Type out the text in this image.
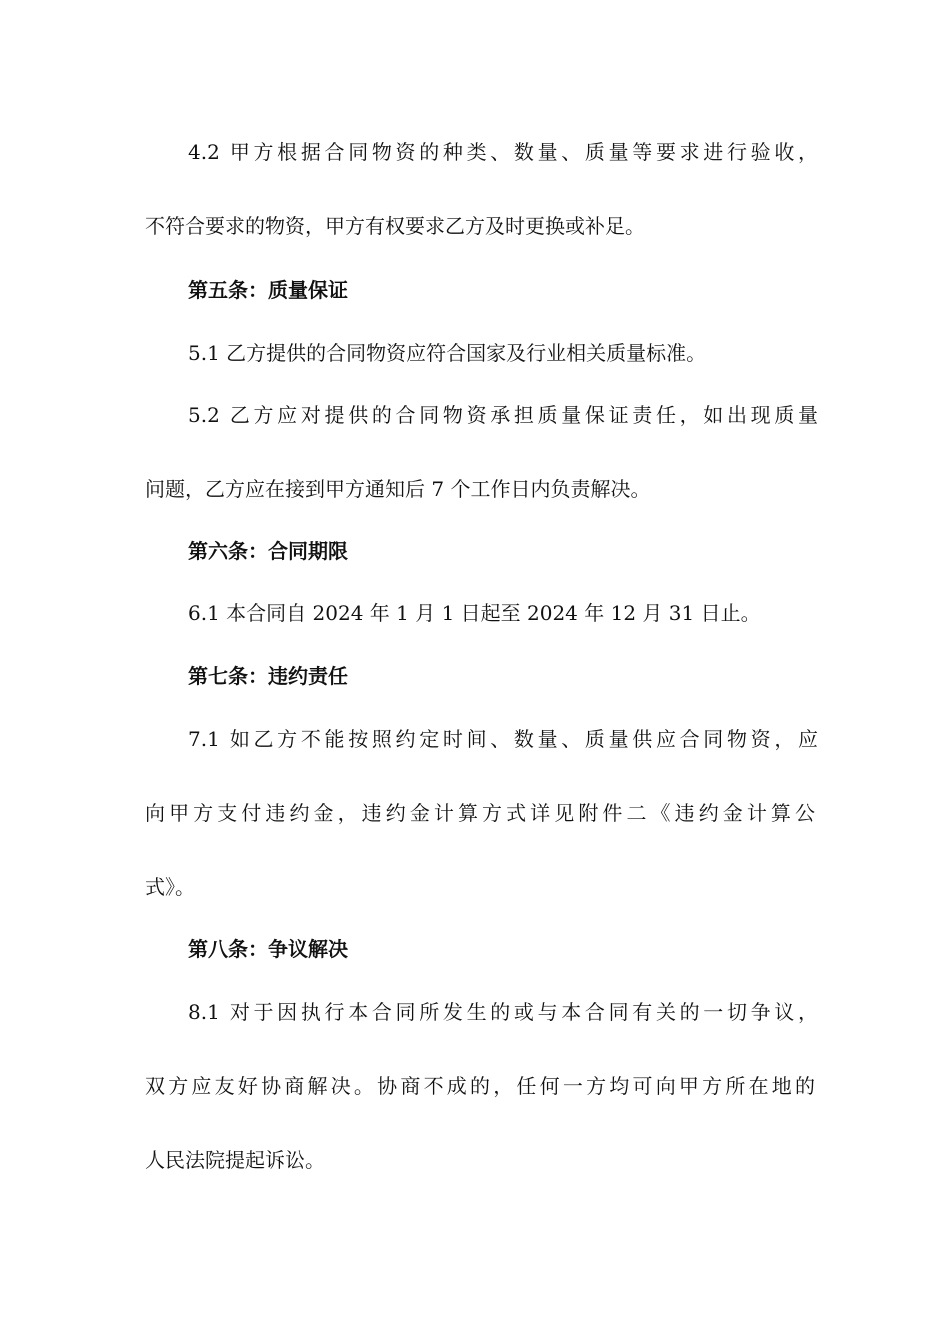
4.2 甲方根据合同物资的种类、数量、质量等要求进行验收，
不符合要求的物资，甲方有权要求乙方及时更换或补足。
第五条：质量保证
5.1 乙方提供的合同物资应符合国家及行业相关质量标准。
5.2 乙方应对提供的合同物资承担质量保证责任，如出现质量
问题，乙方应在接到甲方通知后 7 个工作日内负责解决。
第六条：合同期限
6.1 本合同自 2024 年 1 月 1 日起至 2024 年 12 月 31 日止。
第七条：违约责任
7.1 如乙方不能按照约定时间、数量、质量供应合同物资，应
向甲方支付违约金，违约金计算方式详见附件二《违约金计算公
式》。
第八条：争议解决
8.1 对于因执行本合同所发生的或与本合同有关的一切争议，
双方应友好协商解决。协商不成的，任何一方均可向甲方所在地的
人民法院提起诉讼。
